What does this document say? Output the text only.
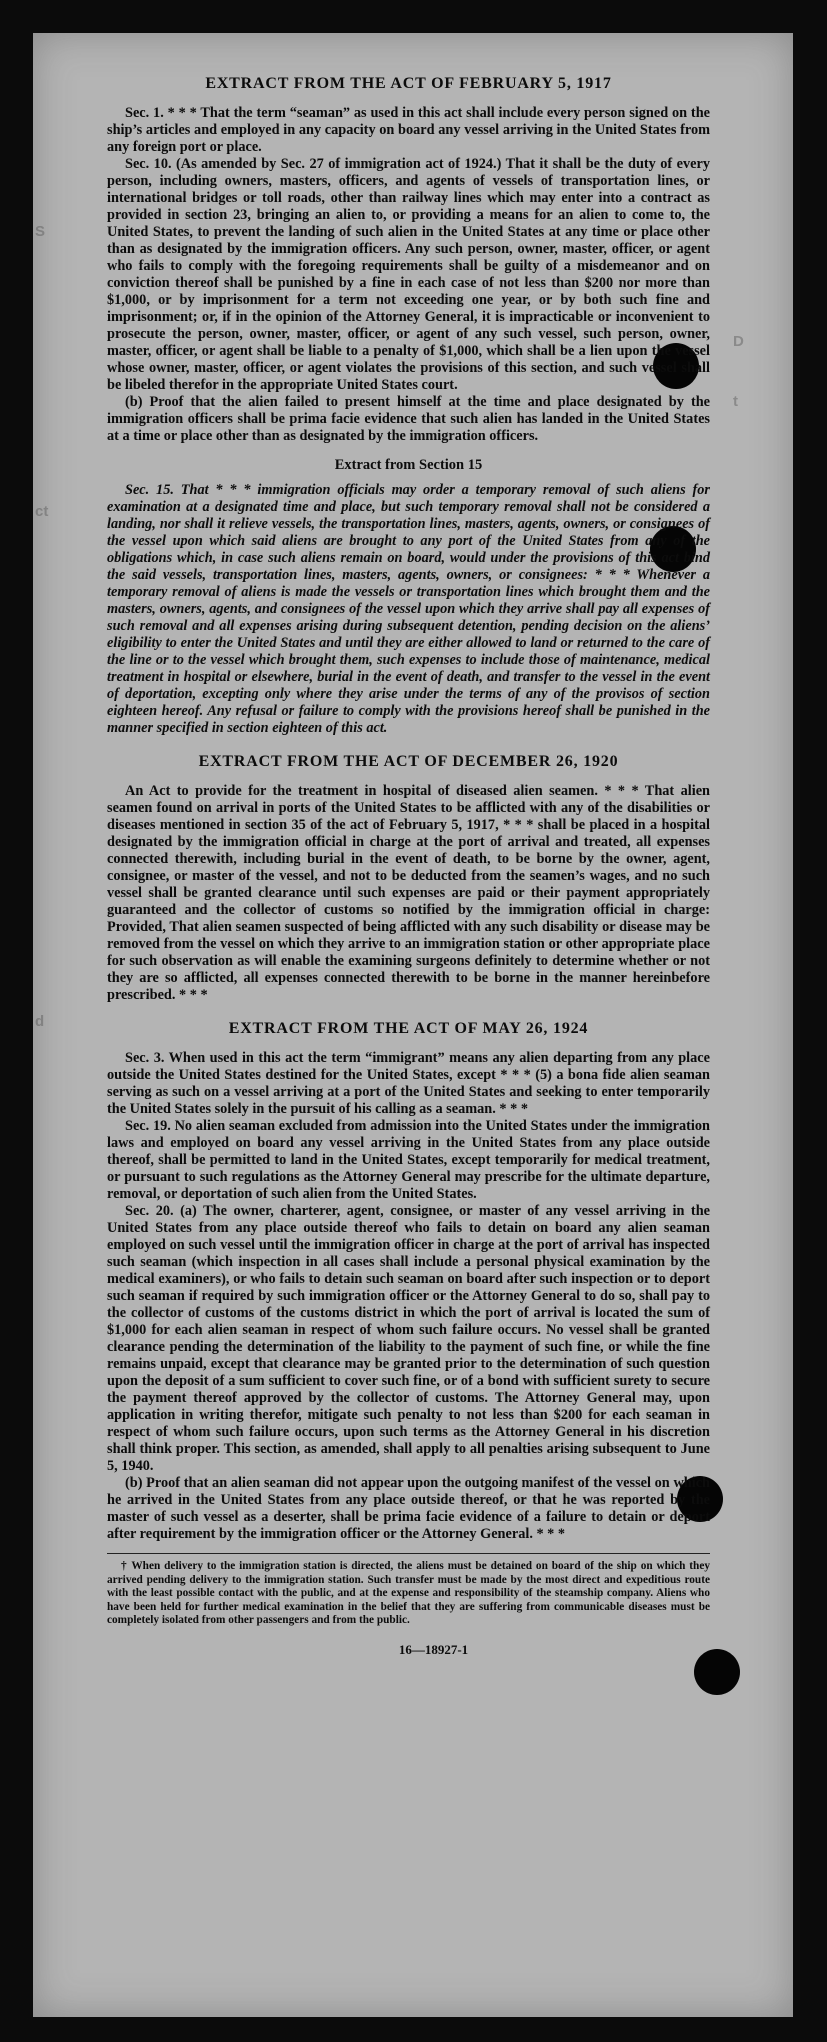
S
ct
d
D
t
EXTRACT FROM THE ACT OF FEBRUARY 5, 1917

Sec. 1. * * * That the term “seaman” as used in this act shall include every person signed on the ship’s articles and employed in any capacity on board any vessel arriving in the United States from any foreign port or place.

Sec. 10. (As amended by Sec. 27 of immigration act of 1924.) That it shall be the duty of every person, including owners, masters, officers, and agents of vessels of transportation lines, or international bridges or toll roads, other than railway lines which may enter into a contract as provided in section 23, bringing an alien to, or providing a means for an alien to come to, the United States, to prevent the landing of such alien in the United States at any time or place other than as designated by the immigration officers. Any such person, owner, master, officer, or agent who fails to comply with the foregoing requirements shall be guilty of a misdemeanor and on conviction thereof shall be punished by a fine in each case of not less than $200 nor more than $1,000, or by imprisonment for a term not exceeding one year, or by both such fine and imprisonment; or, if in the opinion of the Attorney General, it is impracticable or inconvenient to prosecute the person, owner, master, officer, or agent of any such vessel, such person, owner, master, officer, or agent shall be liable to a penalty of $1,000, which shall be a lien upon the vessel whose owner, master, officer, or agent violates the provisions of this section, and such vessel shall be libeled therefor in the appropriate United States court.

(b) Proof that the alien failed to present himself at the time and place designated by the immigration officers shall be prima facie evidence that such alien has landed in the United States at a time or place other than as designated by the immigration officers.

Extract from Section 15

Sec. 15. That * * * immigration officials may order a temporary removal of such aliens for examination at a designated time and place, but such temporary removal shall not be considered a landing, nor shall it relieve vessels, the transportation lines, masters, agents, owners, or consignees of the vessel upon which said aliens are brought to any port of the United States from any of the obligations which, in case such aliens remain on board, would under the provisions of this act bind the said vessels, transportation lines, masters, agents, owners, or consignees: * * * Whenever a temporary removal of aliens is made the vessels or transportation lines which brought them and the masters, owners, agents, and consignees of the vessel upon which they arrive shall pay all expenses of such removal and all expenses arising during subsequent detention, pending decision on the aliens’ eligibility to enter the United States and until they are either allowed to land or returned to the care of the line or to the vessel which brought them, such expenses to include those of maintenance, medical treatment in hospital or elsewhere, burial in the event of death, and transfer to the vessel in the event of deportation, excepting only where they arise under the terms of any of the provisos of section eighteen hereof. Any refusal or failure to comply with the provisions hereof shall be punished in the manner specified in section eighteen of this act.

EXTRACT FROM THE ACT OF DECEMBER 26, 1920

An Act to provide for the treatment in hospital of diseased alien seamen. * * * That alien seamen found on arrival in ports of the United States to be afflicted with any of the disabilities or diseases mentioned in section 35 of the act of February 5, 1917, * * * shall be placed in a hospital designated by the immigration official in charge at the port of arrival and treated, all expenses connected therewith, including burial in the event of death, to be borne by the owner, agent, consignee, or master of the vessel, and not to be deducted from the seamen’s wages, and no such vessel shall be granted clearance until such expenses are paid or their payment appropriately guaranteed and the collector of customs so notified by the immigration official in charge: Provided, That alien seamen suspected of being afflicted with any such disability or disease may be removed from the vessel on which they arrive to an immigration station or other appropriate place for such observation as will enable the examining surgeons definitely to determine whether or not they are so afflicted, all expenses connected therewith to be borne in the manner hereinbefore prescribed. * * *

EXTRACT FROM THE ACT OF MAY 26, 1924

Sec. 3. When used in this act the term “immigrant” means any alien departing from any place outside the United States destined for the United States, except * * * (5) a bona fide alien seaman serving as such on a vessel arriving at a port of the United States and seeking to enter temporarily the United States solely in the pursuit of his calling as a seaman. * * *

Sec. 19. No alien seaman excluded from admission into the United States under the immigration laws and employed on board any vessel arriving in the United States from any place outside thereof, shall be permitted to land in the United States, except temporarily for medical treatment, or pursuant to such regulations as the Attorney General may prescribe for the ultimate departure, removal, or deportation of such alien from the United States.

Sec. 20. (a) The owner, charterer, agent, consignee, or master of any vessel arriving in the United States from any place outside thereof who fails to detain on board any alien seaman employed on such vessel until the immigration officer in charge at the port of arrival has inspected such seaman (which inspection in all cases shall include a personal physical examination by the medical examiners), or who fails to detain such seaman on board after such inspection or to deport such seaman if required by such immigration officer or the Attorney General to do so, shall pay to the collector of customs of the customs district in which the port of arrival is located the sum of $1,000 for each alien seaman in respect of whom such failure occurs. No vessel shall be granted clearance pending the determination of the liability to the payment of such fine, or while the fine remains unpaid, except that clearance may be granted prior to the determination of such question upon the deposit of a sum sufficient to cover such fine, or of a bond with sufficient surety to secure the payment thereof approved by the collector of customs. The Attorney General may, upon application in writing therefor, mitigate such penalty to not less than $200 for each seaman in respect of whom such failure occurs, upon such terms as the Attorney General in his discretion shall think proper. This section, as amended, shall apply to all penalties arising subsequent to June 5, 1940.

(b) Proof that an alien seaman did not appear upon the outgoing manifest of the vessel on which he arrived in the United States from any place outside thereof, or that he was reported by the master of such vessel as a deserter, shall be prima facie evidence of a failure to detain or deport after requirement by the immigration officer or the Attorney General. * * *

† When delivery to the immigration station is directed, the aliens must be detained on board of the ship on which they arrived pending delivery to the immigration station. Such transfer must be made by the most direct and expeditious route with the least possible contact with the public, and at the expense and responsibility of the steamship company. Aliens who have been held for further medical examination in the belief that they are suffering from communicable diseases must be completely isolated from other passengers and from the public.

16—18927-1
